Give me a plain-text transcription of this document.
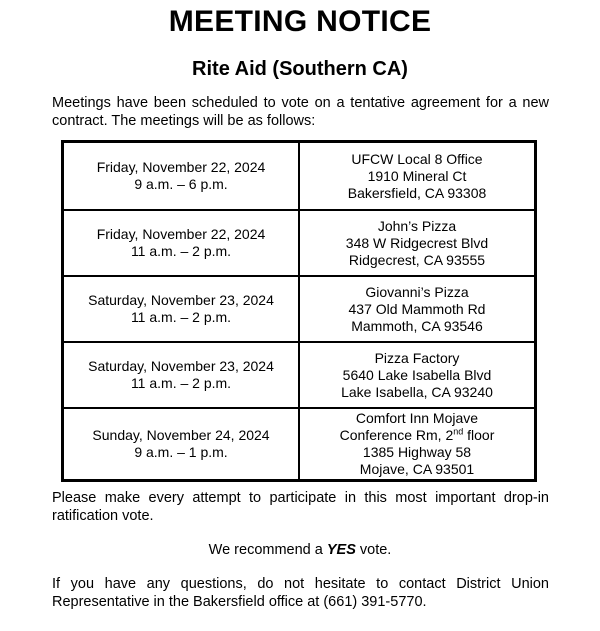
MEETING NOTICE
Rite Aid (Southern CA)
Meetings have been scheduled to vote on a tentative agreement for a new contract. The meetings will be as follows:
Friday, November 22, 2024
9 a.m. – 6 p.m.
UFCW Local 8 Office
1910 Mineral Ct
Bakersfield, CA 93308
Friday, November 22, 2024
11 a.m. – 2 p.m.
John’s Pizza
348 W Ridgecrest Blvd
Ridgecrest, CA 93555
Saturday, November 23, 2024
11 a.m. – 2 p.m.
Giovanni’s Pizza
437 Old Mammoth Rd
Mammoth, CA 93546
Saturday, November 23, 2024
11 a.m. – 2 p.m.
Pizza Factory
5640 Lake Isabella Blvd
Lake Isabella, CA 93240
Sunday, November 24, 2024
9 a.m. – 1 p.m.
Comfort Inn Mojave
Conference Rm, 2nd floor
1385 Highway 58
Mojave, CA 93501
Please make every attempt to participate in this most important drop-in ratification vote.
We recommend a YES vote.
If you have any questions, do not hesitate to contact District Union Representative in the Bakersfield office at (661) 391-5770.
